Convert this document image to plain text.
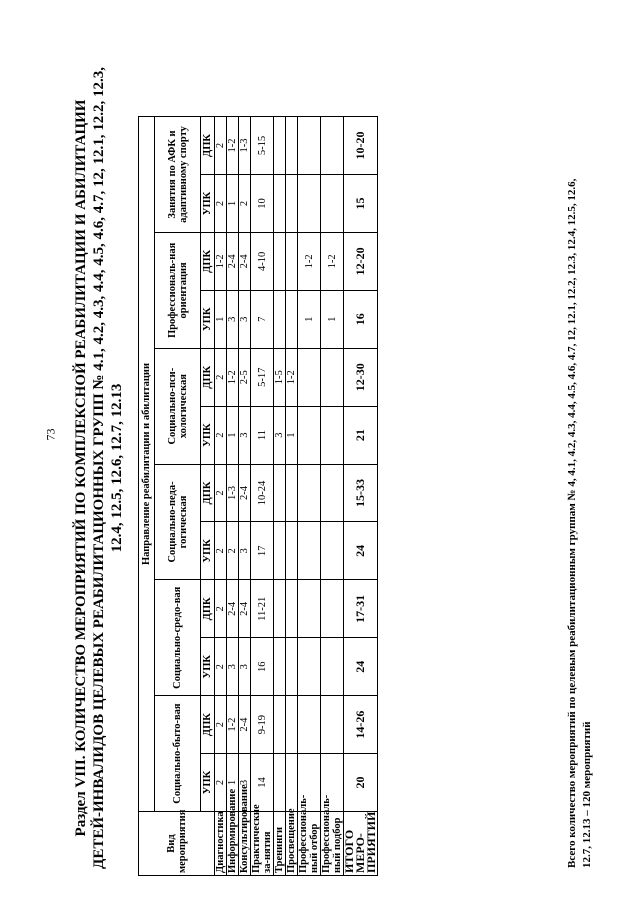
73 Раздел VIII. КОЛИЧЕСТВО МЕРОПРИЯТИЙ ПО КОМПЛЕКСНОЙ РЕАБИЛИТАЦИИ И АБИЛИТАЦИИ ДЕТЕЙ-ИНВАЛИДОВ ЦЕЛЕВЫХ РЕАБИЛИТАЦИОННЫХ ГРУПП № 4.1, 4.2, 4.3, 4.4, 4.5, 4.6, 4.7, 12, 12.1, 12.2, 12.3, 12.4, 12.5, 12.6, 12.7, 12.13
Вид мероприятия	Направление реабилитации и абилитации											
	Социально-быто-вая		Социально-средо-вая		Социально-педа-гогическая		Социально-пси-хологическая		Профессиональ-ная ориентация		Занятия по АФК и адаптивному спорту	
	УПК	ДПК	УПК	ДПК	УПК	ДПК	УПК	ДПК	УПК	ДПК	УПК	ДПК
Диагностика	2	2	2	2	2	2	2	2	1	1-2	2	2
Информирование	1	1-2	3	2-4	2	1-3	1	1-2	3	2-4	1	1-2
Консультирование	3	2-4	3	2-4	3	2-4	3	2-5	3	2-4	2	1-3
Практические за-нятия	14	9-19	16	11-21	17	10-24	11	5-17	7	4-10	10	5-15
Тренинги							3	1-5				
Просвещение							1	1-2				
Профессиональ-ный отбор									1	1-2		
Профессиональ-ный подбор									1	1-2		
ИТОГО МЕРО-ПРИЯТИЙ	20	14-26	24	17-31	24	15-33	21	12-30	16	12-20	15	10-20
Всего количество мероприятий по целевым реабилитационным группам № 4, 4.1, 4.2, 4.3, 4.4, 4.5, 4.6, 4.7, 12, 12.1, 12.2, 12.3, 12.4, 12.5, 12.6, 12.7, 12.13 – 120 мероприятий
